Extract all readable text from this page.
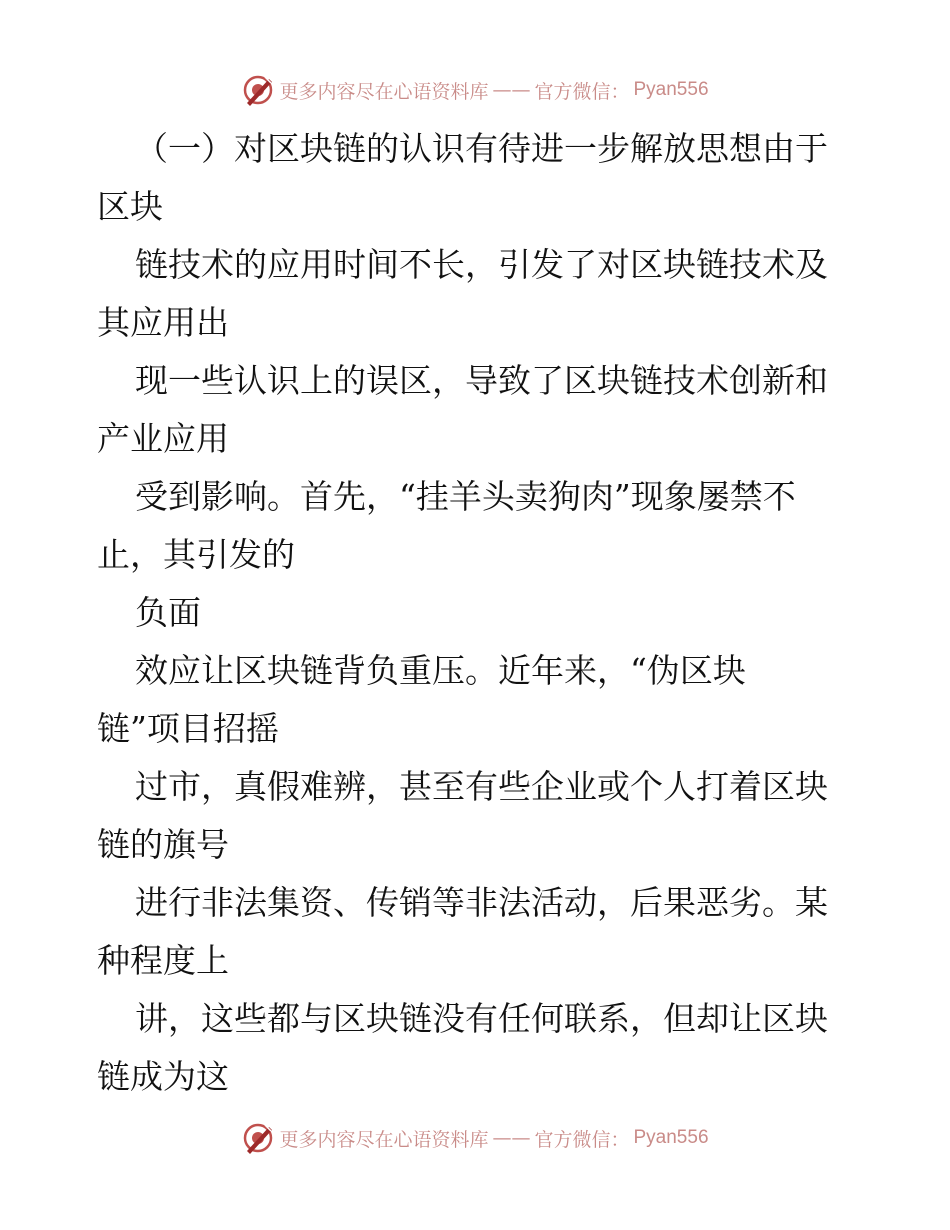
更多内容尽在心语资料库 —— 官方微信： Pyan556

（一）对区块链的认识有待进一步解放思想由于
区块

链技术的应用时间不长，引发了对区块链技术及
其应用出

现一些认识上的误区，导致了区块链技术创新和
产业应用

受到影响。首先，“挂羊头卖狗肉”现象屡禁不
止，其引发的

负面

效应让区块链背负重压。近年来，“伪区块
链”项目招摇

过市，真假难辨，甚至有些企业或个人打着区块
链的旗号

进行非法集资、传销等非法活动，后果恶劣。某
种程度上

讲，这些都与区块链没有任何联系，但却让区块
链成为这

更多内容尽在心语资料库 —— 官方微信： Pyan556
